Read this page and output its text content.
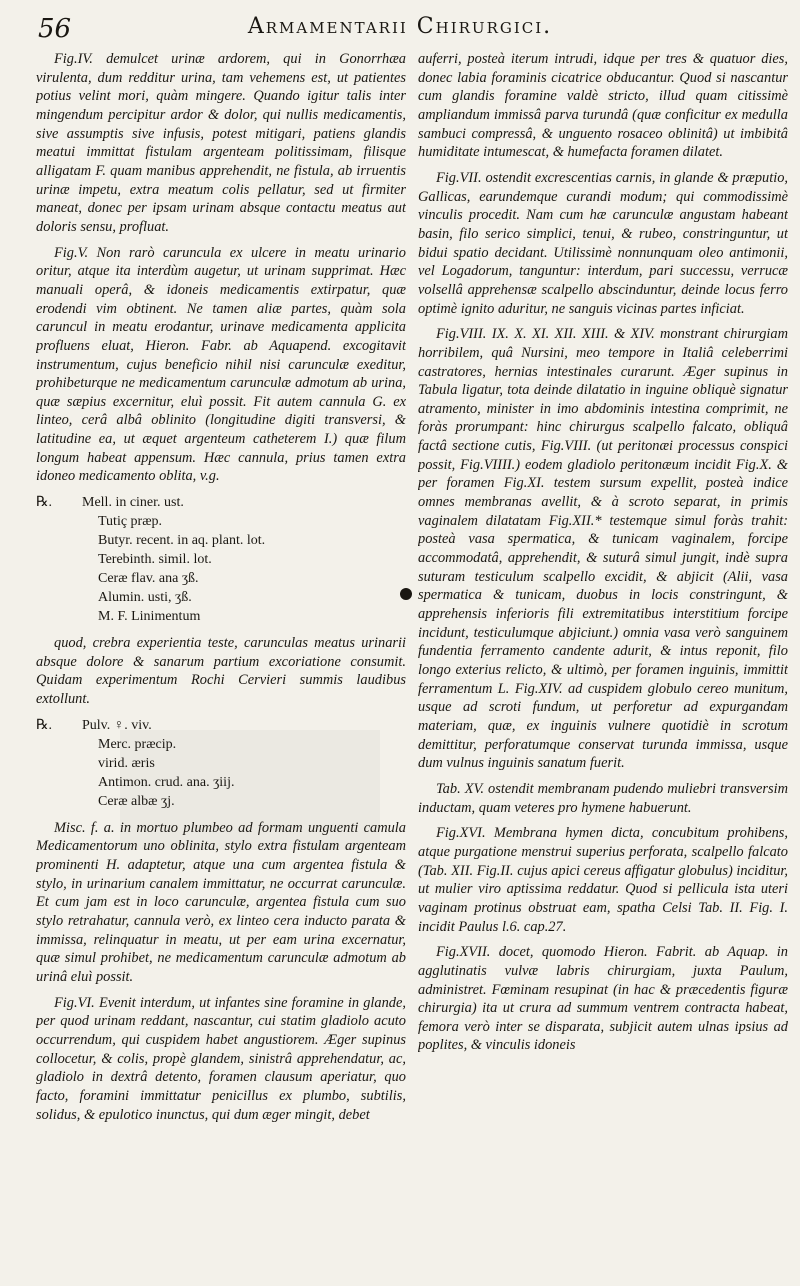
56	Armamentarii Chirurgici.

Fig.IV. demulcet urinæ ardorem, qui in Gonorrhæa virulenta, dum redditur urina, tam vehemens est, ut patientes potius velint mori, quàm mingere. Quando igitur talis inter mingendum percipitur ardor & dolor, qui nullis medicamentis, sive assumptis sive infusis, potest mitigari, patiens glandis meatui immittat fistulam argenteam politissimam, filisque alligatam F. quam manibus apprehendit, ne fistula, ab irruentis urinæ impetu, extra meatum colis pellatur, sed ut firmiter maneat, donec per ipsam urinam absque contactu meatus aut doloris sensu, profluat.

Fig.V. Non rarò caruncula ex ulcere in meatu urinario oritur, atque ita interdùm augetur, ut urinam supprimat. Hæc manuali operâ, & idoneis medicamentis extirpatur, quæ erodendi vim obtinent. Ne tamen aliæ partes, quàm sola caruncul in meatu erodantur, urinave medicamenta applicita profluens eluat, Hieron. Fabr. ab Aquapend. excogitavit instrumentum, cujus beneficio nihil nisi carunculæ exeditur, prohibeturque ne medicamentum carunculæ admotum ab urina, quæ sæpius excernitur, eluì possit. Fit autem cannula G. ex linteo, cerâ albâ oblinito (longitudine digiti transversi, & latitudine ea, ut æquet argenteum catheterem I.) quæ filum longum habeat appensum. Hæc cannula, prius tamen extra idoneo medicamento oblita, v.g.

℞. Mell. in ciner. ust.
Tutiç præp.
Butyr. recent. in aq. plant. lot.
Terebinth. simil. lot.
Ceræ flav. ana ʒß.
Alumin. usti, ʒß.
M. F. Linimentum

quod, crebra experientia teste, carunculas meatus urinarii absque dolore & sanarum partium excoriatione consumit. Quidam experimentum Rochi Cervieri summis laudibus extollunt.

℞. Pulv. ♀. viv.
Merc. præcip.
virid. æris
Antimon. crud. ana. ʒiij.
Ceræ albæ ʒj.

Misc. f. a. in mortuo plumbeo ad formam unguenti camula Medicamentorum uno oblinita, stylo extra fistulam argenteam prominenti H. adaptetur, atque una cum argentea fistula & stylo, in urinarium canalem immittatur, ne occurrat carunculæ. Et cum jam est in loco carunculæ, argentea fistula cum suo stylo retrahatur, cannula verò, ex linteo cera inducto parata & immissa, relinquatur in meatu, ut per eam urina excernatur, quæ simul prohibet, ne medicamentum carunculæ admotum ab urinâ eluì possit.

Fig.VI. Evenit interdum, ut infantes sine foramine in glande, per quod urinam reddant, nascantur, cui statim gladiolo acuto occurrendum, qui cuspidem habet angustiorem. Æger supinus collocetur, & colis, propè glandem, sinistrâ apprehendatur, ac, gladiolo in dextrâ detento, foramen clausum aperiatur, quo facto, foramini immittatur penicillus ex plumbo, subtilis, solidus, & epulotico inunctus, qui dum æger mingit, debet

auferri, posteà iterum intrudi, idque per tres & quatuor dies, donec labia foraminis cicatrice obducantur. Quod si nascantur cum glandis foramine valdè stricto, illud quam citissimè ampliandum immissâ parva turundâ (quæ conficitur ex medulla sambuci compressâ, & unguento rosaceo oblinitâ) ut imbibitâ humiditate intumescat, & humefacta foramen dilatet.

Fig.VII. ostendit excrescentias carnis, in glande & præputio, Gallicas, earundemque curandi modum; qui commodissimè vinculis procedit. Nam cum hæ carunculæ angustam habeant basin, filo serico simplici, tenui, & rubeo, constringuntur, ut bidui spatio decidant. Utilissimè nonnunquam oleo antimonii, vel Logadorum, tanguntur: interdum, pari successu, verrucæ volsellâ apprehensæ scalpello abscinduntur, deinde locus ferro optimè ignito aduritur, ne sanguis vicinas partes inficiat.

Fig.VIII. IX. X. XI. XII. XIII. & XIV. monstrant chirurgiam horribilem, quâ Nursini, meo tempore in Italiâ celeberrimi castratores, hernias intestinales curarunt. Æger supinus in Tabula ligatur, tota deinde dilatatio in inguine obliquè signatur atramento, minister in imo abdominis intestina comprimit, ne foràs prorumpant: hinc chirurgus scalpello falcato, obliquâ factâ sectione cutis, Fig.VIII. (ut peritonæi processus conspici possit, Fig.VIIII.) eodem gladiolo peritonæum incidit Fig.X. & per foramen Fig.XI. testem sursum expellit, posteà indice omnes membranas avellit, & à scroto separat, in primis vaginalem dilatatam Fig.XII.* testemque simul foràs trahit: posteà vasa spermatica, & tunicam vaginalem, forcipe accommodatâ, apprehendit, & suturâ simul jungit, indè supra suturam testiculum scalpello excidit, & abjicit (Alii, vasa spermatica & tunicam, duobus in locis constringunt, & apprehensis inferioris fili extremitatibus interstitium forcipe incidunt, testiculumque abjiciunt.) omnia vasa verò sanguinem fundentia ferramento candente adurit, & intus reponit, filo longo exterius relicto, & ultimò, per foramen inguinis, immittit ferramentum L. Fig.XIV. ad cuspidem globulo cereo munitum, usque ad scroti fundum, ut perforetur ad expurgandam materiam, quæ, ex inguinis vulnere quotidiè in scrotum demittitur, perforatumque conservat turunda immissa, usque dum vulnus inguinis sanatum fuerit.

Tab. XV. ostendit membranam pudendo muliebri transversim inductam, quam veteres pro hymene habuerunt.

Fig.XVI. Membrana hymen dicta, concubitum prohibens, atque purgatione menstrui superius perforata, scalpello falcato (Tab. XII. Fig.II. cujus apici cereus affigatur globulus) inciditur, ut mulier viro aptissima reddatur. Quod si pellicula ista uteri vaginam protinus obstruat eam, spatha Celsi Tab. II. Fig. I. incidit Paulus l.6. cap.27.

Fig.XVII. docet, quomodo Hieron. Fabrit. ab Aquap. in agglutinatis vulvæ labris chirurgiam, juxta Paulum, administret. Fœminam resupinat (in hac & præcedentis figuræ chirurgia) ita ut crura ad summum ventrem contracta habeat, femora verò inter se disparata, subjicit autem ulnas ipsius ad poplites, & vinculis idoneis
